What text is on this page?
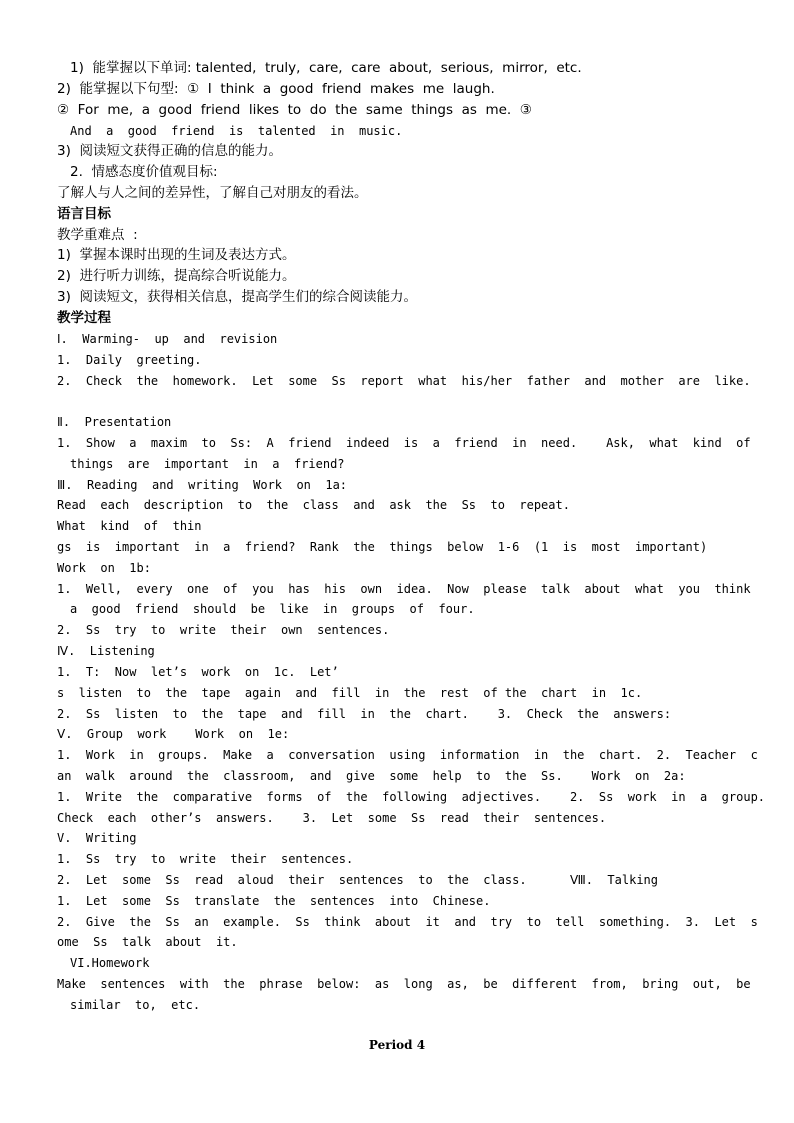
1)  能掌握以下单词: talented,  truly,  care,  care  about,  serious,  mirror,  etc.
2)  能掌握以下句型:  ①  I  think  a  good  friend  makes  me  laugh.
②  For  me,  a  good  friend  likes  to  do  the  same  things  as  me.  ③
And  a  good  friend  is  talented  in  music.
3)  阅读短文获得正确的信息的能力。
2.  情感态度价值观目标:
了解人与人之间的差异性，了解自己对朋友的看法。
语言目标
教学重难点  :
1)  掌握本课时出现的生词及表达方式。
2)  进行听力训练，提高综合听说能力。
3)  阅读短文，获得相关信息，提高学生们的综合阅读能力。
教学过程
Ⅰ.  Warming-  up  and  revision
1.  Daily  greeting.
2.  Check  the  homework.  Let  some  Ss  report  what  his/her  father  and  mother  are  like.
Ⅱ.  Presentation
1.  Show  a  maxim  to  Ss:  A  friend  indeed  is  a  friend  in  need.    Ask,  what  kind  of
things  are  important  in  a  friend?
Ⅲ.  Reading  and  writing  Work  on  1a:
Read  each  description  to  the  class  and  ask  the  Ss  to  repeat.
What  kind  of  thin
gs  is  important  in  a  friend?  Rank  the  things  below  1-6  (1  is  most  important)
Work  on  1b:
1.  Well,  every  one  of  you  has  his  own  idea.  Now  please  talk  about  what  you  think
a  good  friend  should  be  like  in  groups  of  four.
2.  Ss  try  to  write  their  own  sentences.
Ⅳ.  Listening
1.  T:  Now  let’s  work  on  1c.  Let’
s  listen  to  the  tape  again  and  fill  in  the  rest  of the  chart  in  1c.
2.  Ss  listen  to  the  tape  and  fill  in  the  chart.    3.  Check  the  answers:
Ⅴ.  Group  work    Work  on  1e:
1.  Work  in  groups.  Make  a  conversation  using  information  in  the  chart.  2.  Teacher  c
an  walk  around  the  classroom,  and  give  some  help  to  the  Ss.    Work  on  2a:
1.  Write  the  comparative  forms  of  the  following  adjectives.    2.  Ss  work  in  a  group.
Check  each  other’s  answers.    3.  Let  some  Ss  read  their  sentences.
V.  Writing
1.  Ss  try  to  write  their  sentences.
2.  Let  some  Ss  read  aloud  their  sentences  to  the  class.      Ⅷ.  Talking
1.  Let  some  Ss  translate  the  sentences  into  Chinese.
2.  Give  the  Ss  an  example.  Ss  think  about  it  and  try  to  tell  something.  3.  Let  s
ome  Ss  talk  about  it.
VI.Homework
Make  sentences  with  the  phrase  below:  as  long  as,  be  different  from,  bring  out,  be
similar  to,  etc.
Period 4
